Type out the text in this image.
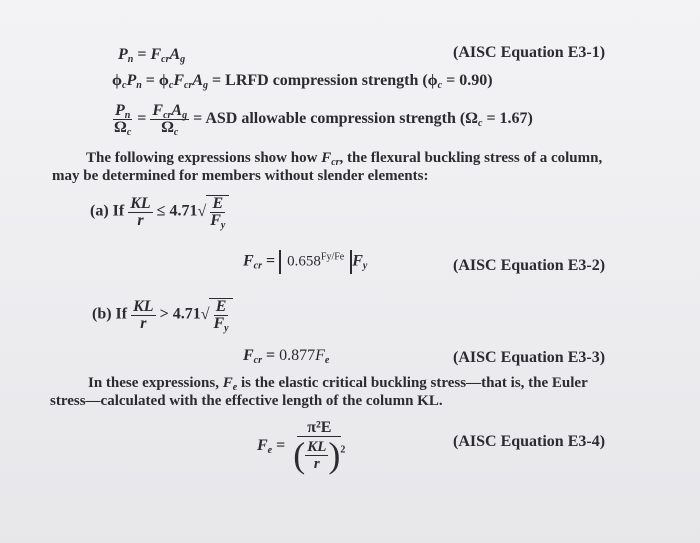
$P_n = F_{cr}A_g$	(AISC Equation E3-1)
$\phi_cP_n = \phi_cF_{cr}A_g$ = LRFD compression strength $(\phi_c = 0.90)$
$\frac{P_n}{\Omega_c} = \frac{F_{cr}A_g}{\Omega_c}$ = ASD allowable compression strength $(\Omega_c = 1.67)$
The following expressions show how $F_{cr}$, the flexural buckling stress of a column,
may be determined for members without slender elements:
(a) If $\frac{KL}{r} \le 4.71√ \frac{E}{F_y}$
$F_{cr} = 0.658^{Fy/Fe}$ $F_y$	(AISC Equation E3-2)
(b) If $\frac{KL}{r} > 4.71√ \frac{E}{F_y}$
$F_{cr} = 0.877F_e$	(AISC Equation E3-3)
In these expressions, $F_e$ is the elastic critical buckling stress—that is, the Euler
stress—calculated with the effective length of the column KL.
$F_e = \frac{\text{π²E}}{( \frac{KL}{r} )^2}$	(AISC Equation E3-4)
